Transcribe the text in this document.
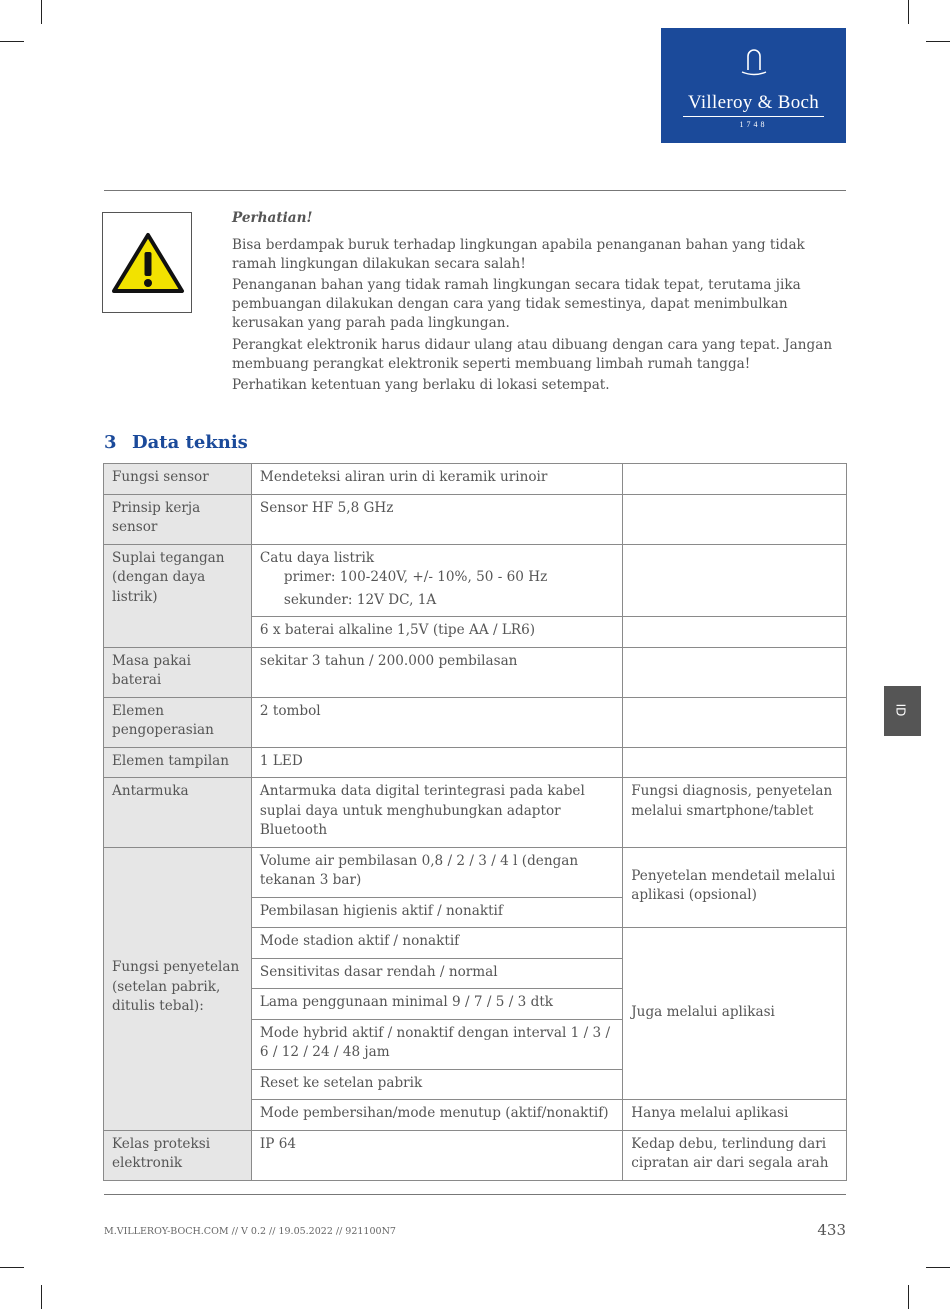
Villeroy & Boch
1748
Perhatian!

Bisa berdampak buruk terhadap lingkungan apabila penanganan bahan yang tidak ramah lingkungan dilakukan secara salah!

Penanganan bahan yang tidak ramah lingkungan secara tidak tepat, terutama jika pembuangan dilakukan dengan cara yang tidak semestinya, dapat menimbulkan kerusakan yang parah pada lingkungan.

Perangkat elektronik harus didaur ulang atau dibuang dengan cara yang tepat. Jangan membuang perangkat elektronik seperti membuang limbah rumah tangga!

Perhatikan ketentuan yang berlaku di lokasi setempat.

3 Data teknis
Fungsi sensor	Mendeteksi aliran urin di keramik urinoir	
Prinsip kerja sensor	Sensor HF 5,8 GHz	
Suplai tegangan (dengan daya listrik)	Catu daya listrik
primer: 100-240V, +/- 10%, 50 - 60 Hz
sekunder: 12V DC, 1A	

	6 x baterai alkaline 1,5V (tipe AA / LR6)	
Masa pakai baterai	sekitar 3 tahun / 200.000 pembilasan	
Elemen pengoperasian	2 tombol	
Elemen tampilan	1 LED	
Antarmuka	Antarmuka data digital terintegrasi pada kabel suplai daya untuk menghubungkan adaptor Bluetooth	Fungsi diagnosis, penyetelan melalui smartphone/tablet
Fungsi penyetelan (setelan pabrik, ditulis tebal):	Volume air pembilasan 0,8 / 2 / 3 / 4 l (dengan tekanan 3 bar)	Penyetelan mendetail melalui aplikasi (opsional)
	Pembilasan higienis aktif / nonaktif	
	Mode stadion aktif / nonaktif	Juga melalui aplikasi
	Sensitivitas dasar rendah / normal	
	Lama penggunaan minimal 9 / 7 / 5 / 3 dtk	
	Mode hybrid aktif / nonaktif dengan interval 1 / 3 / 6 / 12 / 24 / 48 jam	
	Reset ke setelan pabrik	
	Mode pembersihan/mode menutup (aktif/nonaktif)	Hanya melalui aplikasi
Kelas proteksi elektronik	IP 64	Kedap debu, terlindung dari cipratan air dari segala arah
ID
M.VILLEROY-BOCH.COM // V 0.2 // 19.05.2022 // 921100N7	433
